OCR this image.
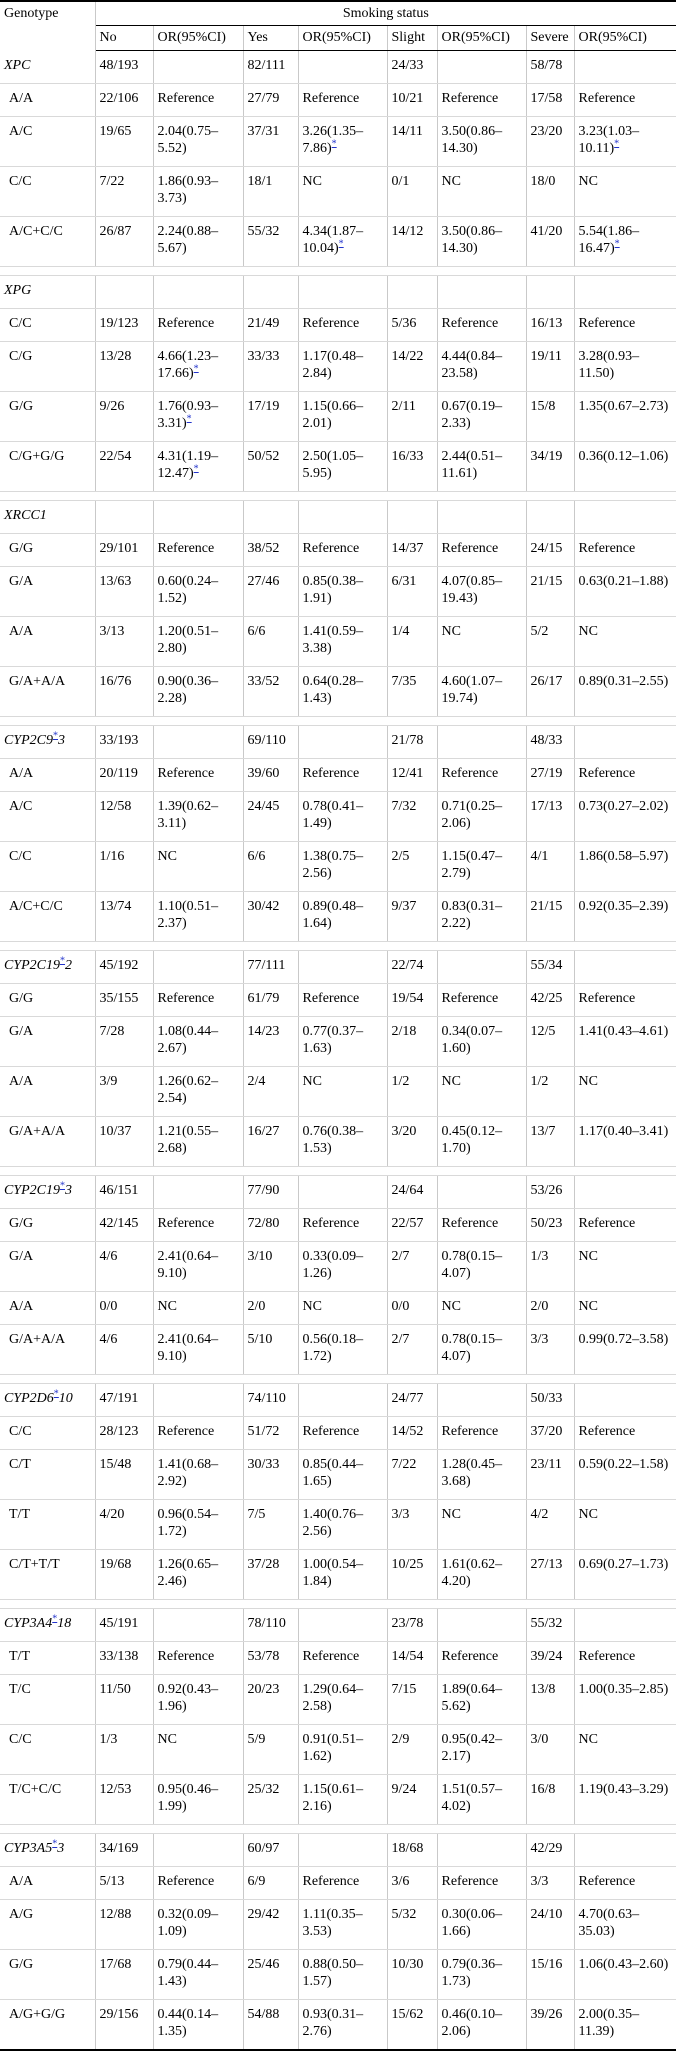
Genotype	Smoking status							
	No	OR(95%CI)	Yes	OR(95%CI)	Slight	OR(95%CI)	Severe	OR(95%CI)
XPC	48/193		82/111		24/33		58/78	
A/A	22/106	Reference	27/79	Reference	10/21	Reference	17/58	Reference
A/C	19/65	2.04(0.75–5.52)	37/31	3.26(1.35–7.86)*	14/11	3.50(0.86–14.30)	23/20	3.23(1.03–10.11)*
C/C	7/22	1.86(0.93–3.73)	18/1	NC	0/1	NC	18/0	NC
A/C+C/C	26/87	2.24(0.88–5.67)	55/32	4.34(1.87–10.04)*	14/12	3.50(0.86–14.30)	41/20	5.54(1.86–16.47)*

XPG								
C/C	19/123	Reference	21/49	Reference	5/36	Reference	16/13	Reference
C/G	13/28	4.66(1.23–17.66)*	33/33	1.17(0.48–2.84)	14/22	4.44(0.84–23.58)	19/11	3.28(0.93–11.50)
G/G	9/26	1.76(0.93–3.31)*	17/19	1.15(0.66–2.01)	2/11	0.67(0.19–2.33)	15/8	1.35(0.67–2.73)
C/G+G/G	22/54	4.31(1.19–12.47)*	50/52	2.50(1.05–5.95)	16/33	2.44(0.51–11.61)	34/19	0.36(0.12–1.06)

XRCC1								
G/G	29/101	Reference	38/52	Reference	14/37	Reference	24/15	Reference
G/A	13/63	0.60(0.24–1.52)	27/46	0.85(0.38–1.91)	6/31	4.07(0.85–19.43)	21/15	0.63(0.21–1.88)
A/A	3/13	1.20(0.51–2.80)	6/6	1.41(0.59–3.38)	1/4	NC	5/2	NC
G/A+A/A	16/76	0.90(0.36–2.28)	33/52	0.64(0.28–1.43)	7/35	4.60(1.07–19.74)	26/17	0.89(0.31–2.55)

CYP2C9*3	33/193		69/110		21/78		48/33	
A/A	20/119	Reference	39/60	Reference	12/41	Reference	27/19	Reference
A/C	12/58	1.39(0.62–3.11)	24/45	0.78(0.41–1.49)	7/32	0.71(0.25–2.06)	17/13	0.73(0.27–2.02)
C/C	1/16	NC	6/6	1.38(0.75–2.56)	2/5	1.15(0.47–2.79)	4/1	1.86(0.58–5.97)
A/C+C/C	13/74	1.10(0.51–2.37)	30/42	0.89(0.48–1.64)	9/37	0.83(0.31–2.22)	21/15	0.92(0.35–2.39)

CYP2C19*2	45/192		77/111		22/74		55/34	
G/G	35/155	Reference	61/79	Reference	19/54	Reference	42/25	Reference
G/A	7/28	1.08(0.44–2.67)	14/23	0.77(0.37–1.63)	2/18	0.34(0.07–1.60)	12/5	1.41(0.43–4.61)
A/A	3/9	1.26(0.62–2.54)	2/4	NC	1/2	NC	1/2	NC
G/A+A/A	10/37	1.21(0.55–2.68)	16/27	0.76(0.38–1.53)	3/20	0.45(0.12–1.70)	13/7	1.17(0.40–3.41)

CYP2C19*3	46/151		77/90		24/64		53/26	
G/G	42/145	Reference	72/80	Reference	22/57	Reference	50/23	Reference
G/A	4/6	2.41(0.64–9.10)	3/10	0.33(0.09–1.26)	2/7	0.78(0.15–4.07)	1/3	NC
A/A	0/0	NC	2/0	NC	0/0	NC	2/0	NC
G/A+A/A	4/6	2.41(0.64–9.10)	5/10	0.56(0.18–1.72)	2/7	0.78(0.15–4.07)	3/3	0.99(0.72–3.58)

CYP2D6*10	47/191		74/110		24/77		50/33	
C/C	28/123	Reference	51/72	Reference	14/52	Reference	37/20	Reference
C/T	15/48	1.41(0.68–2.92)	30/33	0.85(0.44–1.65)	7/22	1.28(0.45–3.68)	23/11	0.59(0.22–1.58)
T/T	4/20	0.96(0.54–1.72)	7/5	1.40(0.76–2.56)	3/3	NC	4/2	NC
C/T+T/T	19/68	1.26(0.65–2.46)	37/28	1.00(0.54–1.84)	10/25	1.61(0.62–4.20)	27/13	0.69(0.27–1.73)

CYP3A4*18	45/191		78/110		23/78		55/32	
T/T	33/138	Reference	53/78	Reference	14/54	Reference	39/24	Reference
T/C	11/50	0.92(0.43–1.96)	20/23	1.29(0.64–2.58)	7/15	1.89(0.64–5.62)	13/8	1.00(0.35–2.85)
C/C	1/3	NC	5/9	0.91(0.51–1.62)	2/9	0.95(0.42–2.17)	3/0	NC
T/C+C/C	12/53	0.95(0.46–1.99)	25/32	1.15(0.61–2.16)	9/24	1.51(0.57–4.02)	16/8	1.19(0.43–3.29)

CYP3A5*3	34/169		60/97		18/68		42/29	
A/A	5/13	Reference	6/9	Reference	3/6	Reference	3/3	Reference
A/G	12/88	0.32(0.09–1.09)	29/42	1.11(0.35–3.53)	5/32	0.30(0.06–1.66)	24/10	4.70(0.63–35.03)
G/G	17/68	0.79(0.44–1.43)	25/46	0.88(0.50–1.57)	10/30	0.79(0.36–1.73)	15/16	1.06(0.43–2.60)
A/G+G/G	29/156	0.44(0.14–1.35)	54/88	0.93(0.31–2.76)	15/62	0.46(0.10–2.06)	39/26	2.00(0.35–11.39)
